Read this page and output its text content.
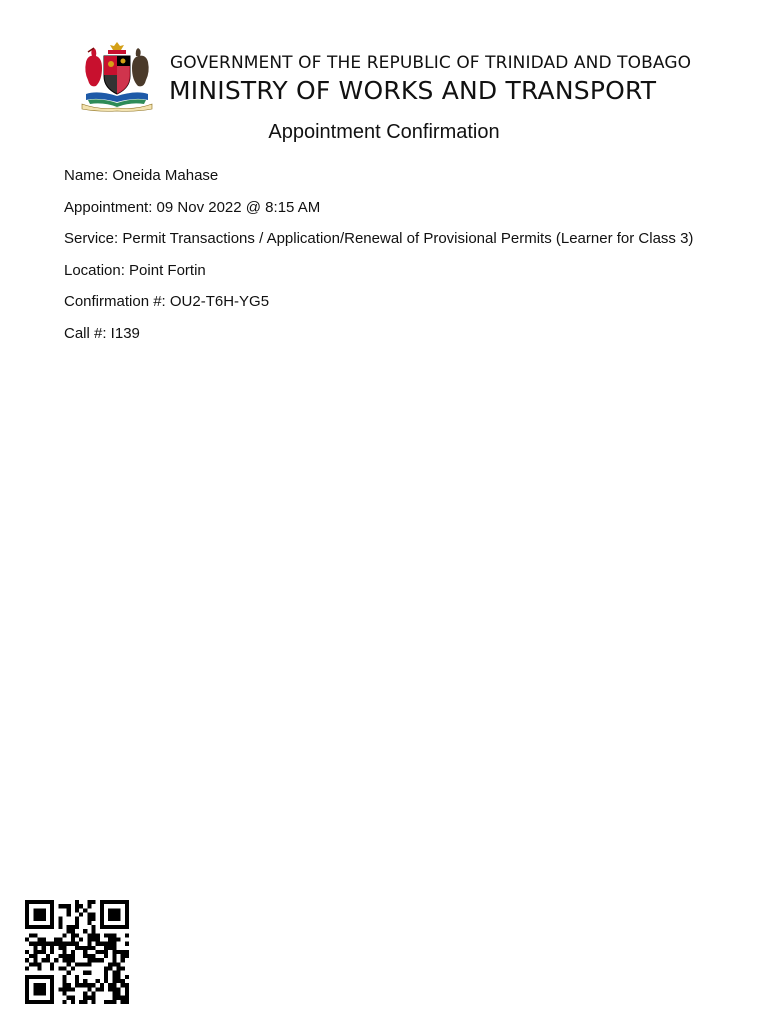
GOVERNMENT OF THE REPUBLIC OF TRINIDAD AND TOBAGO
MINISTRY OF WORKS AND TRANSPORT
Appointment Confirmation
Name: Oneida Mahase
Appointment: 09 Nov 2022 @ 8:15 AM
Service: Permit Transactions / Application/Renewal of Provisional Permits (Learner for Class 3)
Location: Point Fortin
Confirmation #: OU2-T6H-YG5
Call #: I139
